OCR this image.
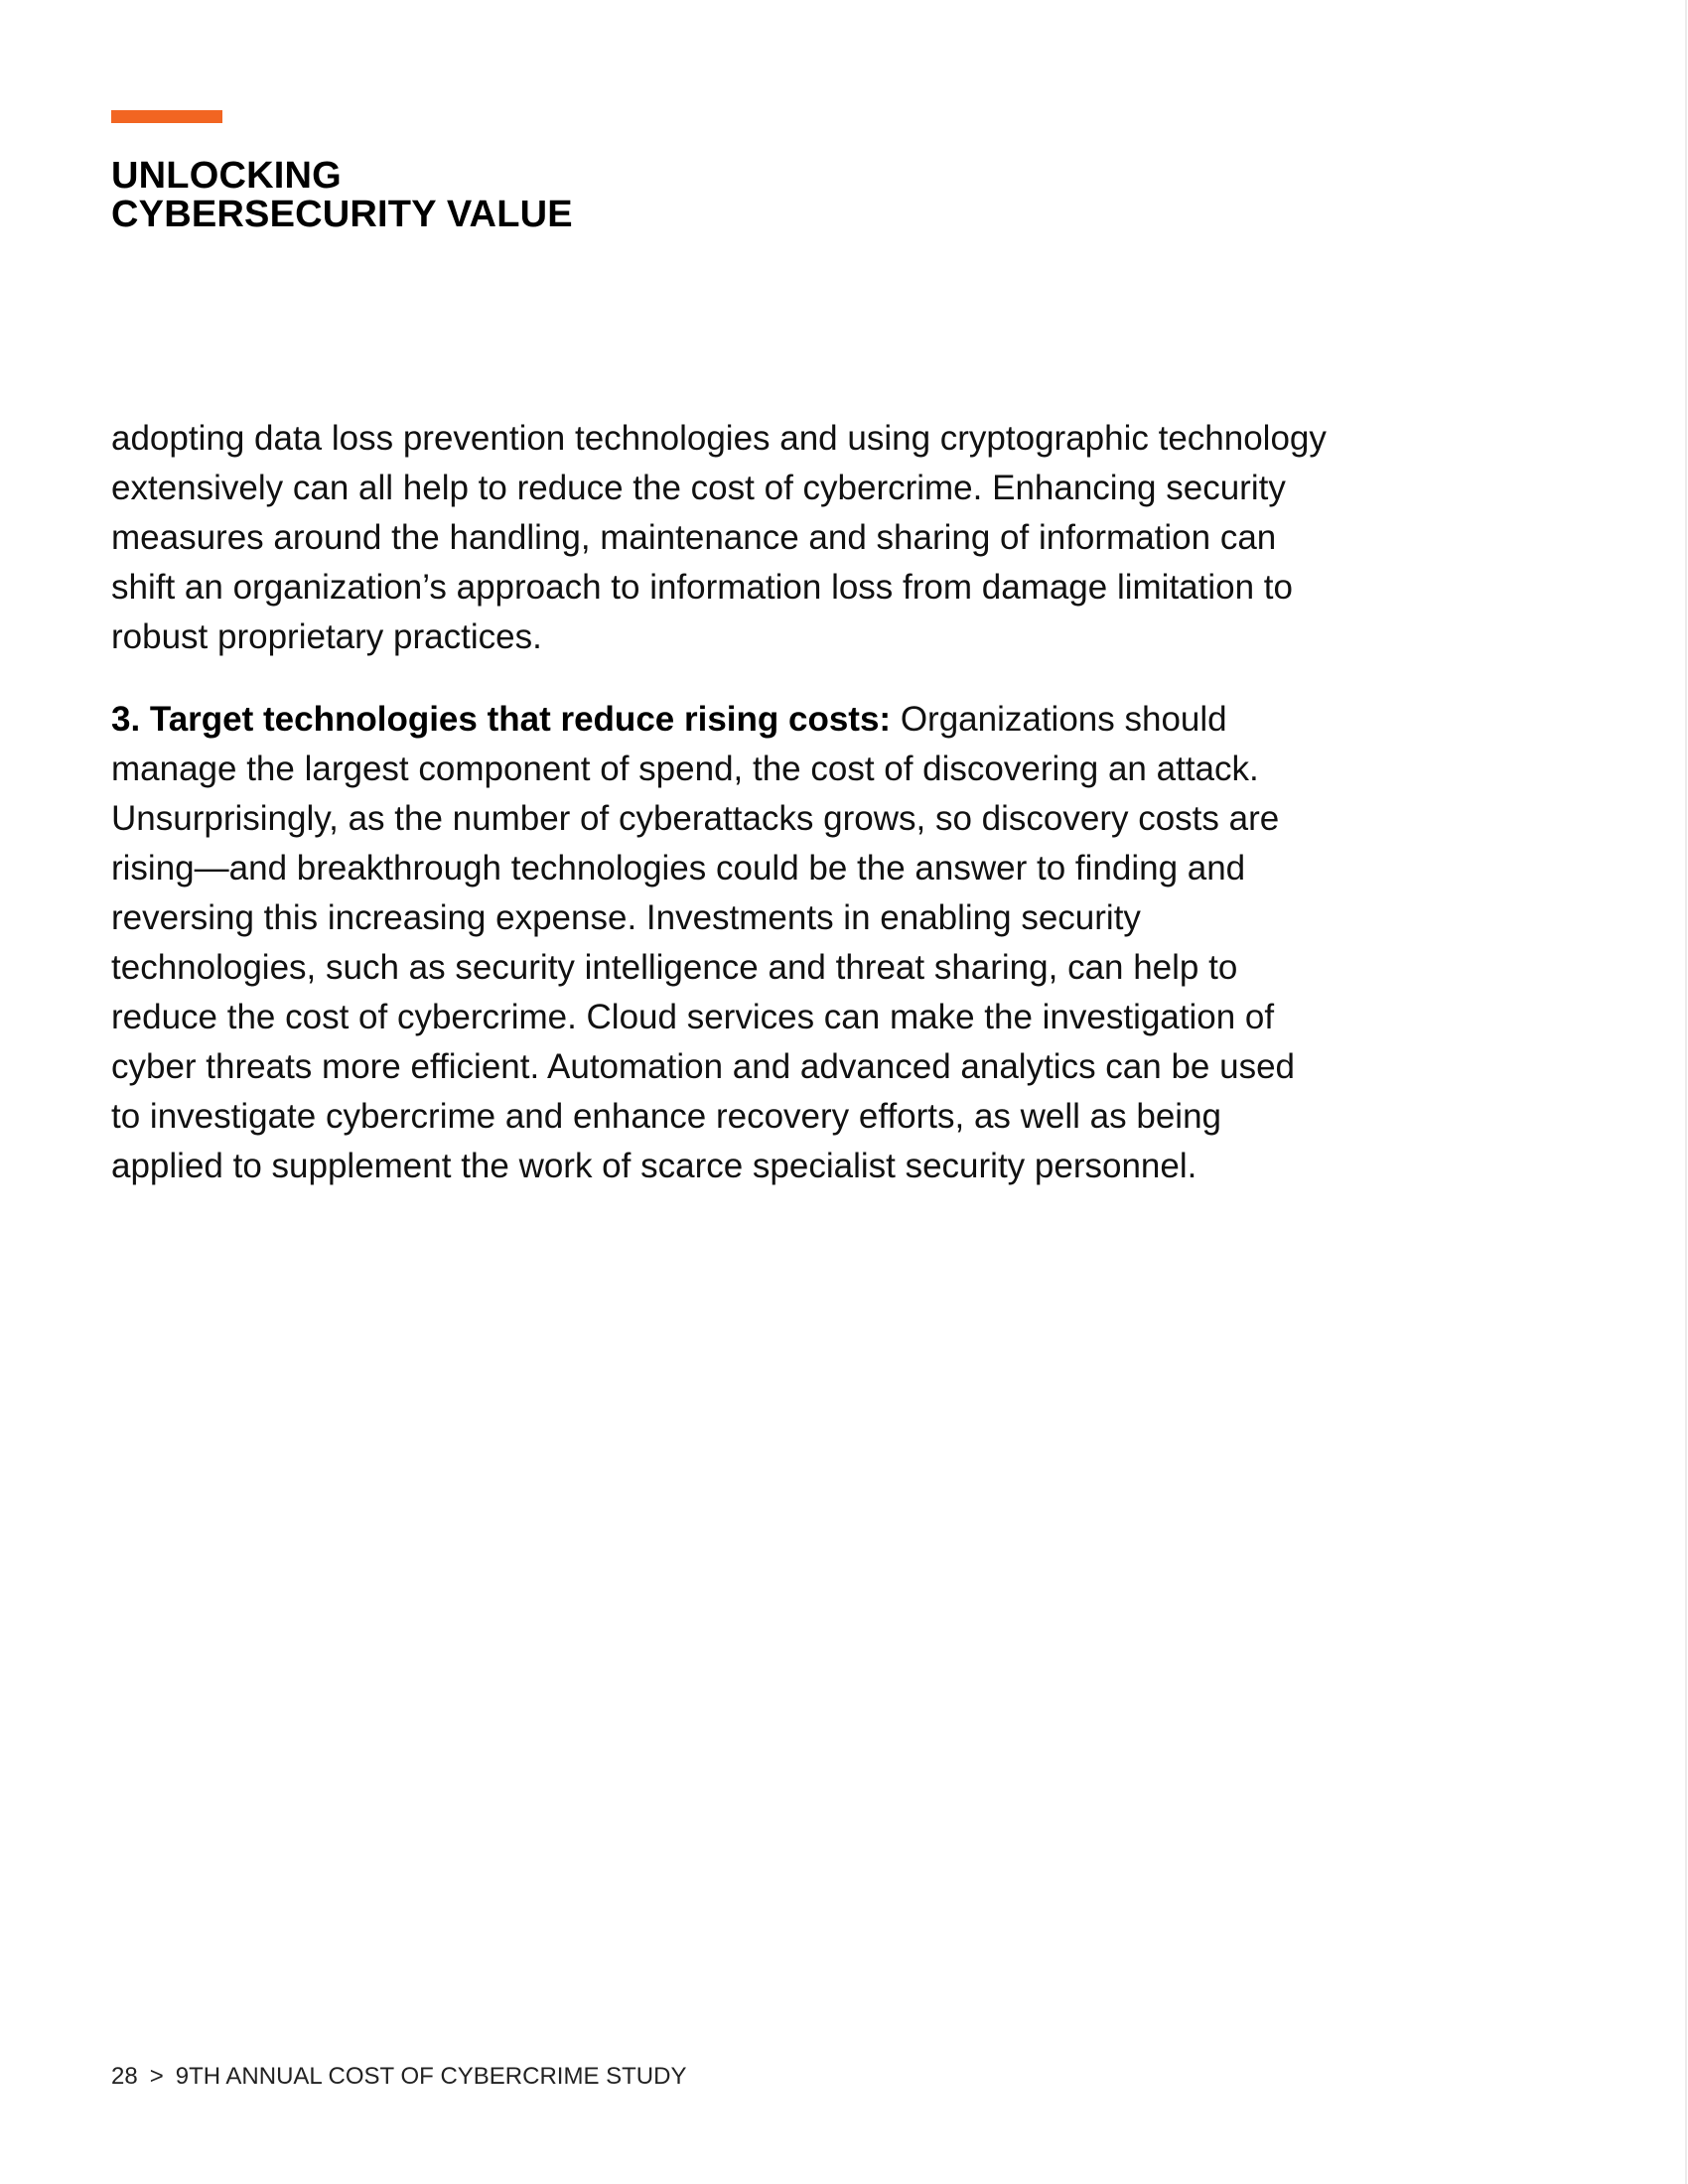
UNLOCKING
CYBERSECURITY VALUE

adopting data loss prevention technologies and using cryptographic technology extensively can all help to reduce the cost of cybercrime. Enhancing security measures around the handling, maintenance and sharing of information can shift an organization’s approach to information loss from damage limitation to robust proprietary practices.

3. Target technologies that reduce rising costs: Organizations should manage the largest component of spend, the cost of discovering an attack. Unsurprisingly, as the number of cyberattacks grows, so discovery costs are rising—and breakthrough technologies could be the answer to finding and reversing this increasing expense. Investments in enabling security technologies, such as security intelligence and threat sharing, can help to reduce the cost of cybercrime. Cloud services can make the investigation of cyber threats more efficient. Automation and advanced analytics can be used to investigate cybercrime and enhance recovery efforts, as well as being applied to supplement the work of scarce specialist security personnel.

28 > 9TH ANNUAL COST OF CYBERCRIME STUDY
